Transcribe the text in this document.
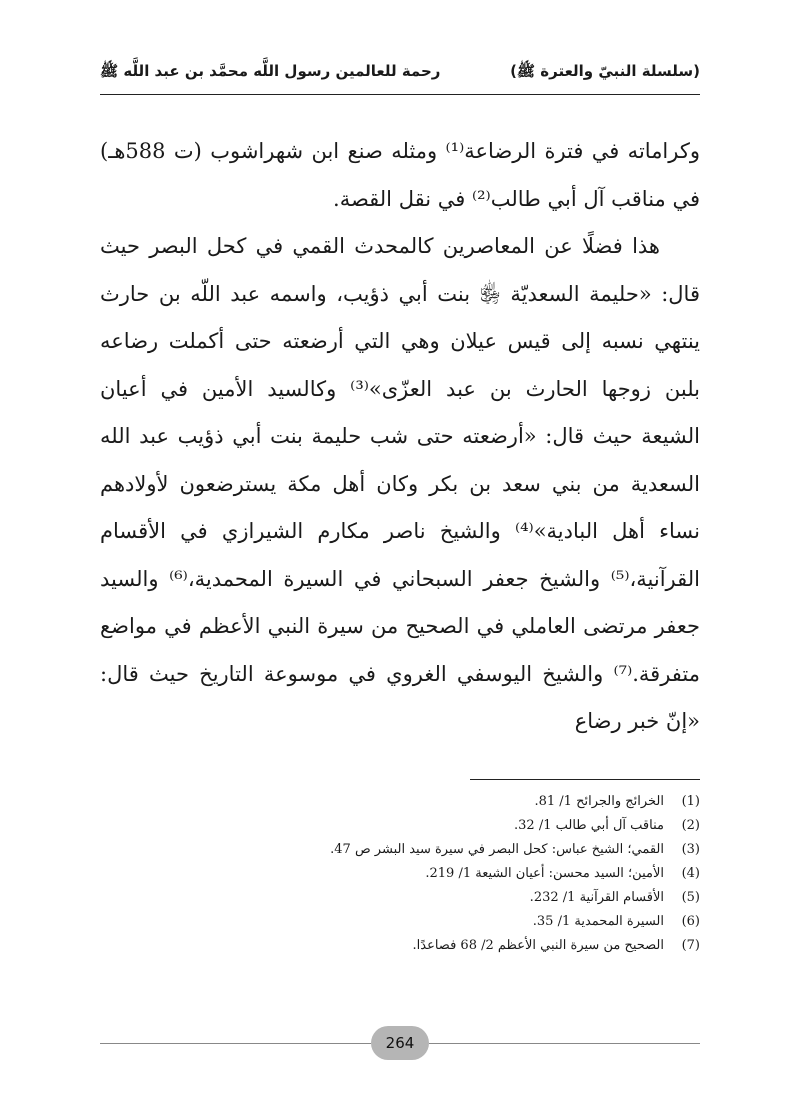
(سلسلة النبيّ والعترة ﷺ)
رحمة للعالمين رسول اللَّه محمَّد بن عبد اللَّه ﷺ

وكراماته في فترة الرضاعة⁽¹⁾ ومثله صنع ابن شهراشوب (ت 588هـ) في مناقب آل أبي طالب⁽²⁾ في نقل القصة.

هذا فضلًا عن المعاصرين كالمحدث القمي في كحل البصر حيث قال: «حليمة السعديّة ﵂ بنت أبي ذؤيب، واسمه عبد اللّه بن حارث ينتهي نسبه إلى قيس عيلان وهي التي أرضعته حتى أكملت رضاعه بلبن زوجها الحارث بن عبد العزّى»⁽³⁾ وكالسيد الأمين في أعيان الشيعة حيث قال: «أرضعته حتى شب حليمة بنت أبي ذؤيب عبد الله السعدية من بني سعد بن بكر وكان أهل مكة يسترضعون لأولادهم نساء أهل البادية»⁽⁴⁾ والشيخ ناصر مكارم الشيرازي في الأقسام القرآنية،⁽⁵⁾ والشيخ جعفر السبحاني في السيرة المحمدية،⁽⁶⁾ والسيد جعفر مرتضى العاملي في الصحيح من سيرة النبي الأعظم في مواضع متفرقة.⁽⁷⁾ والشيخ اليوسفي الغروي في موسوعة التاريخ حيث قال: «إنّ خبر رضاع

(1)الخرائج والجرائح 1/ 81.
(2)مناقب آل أبي طالب 1/ 32.
(3)القمي؛ الشيخ عباس: كحل البصر في سيرة سيد البشر ص 47.
(4)الأمين؛ السيد محسن: أعيان الشيعة 1/ 219.
(5)الأقسام القرآنية 1/ 232.
(6)السيرة المحمدية 1/ 35.
(7)الصحيح من سيرة النبي الأعظم 2/ 68 فصاعدًا.
264
